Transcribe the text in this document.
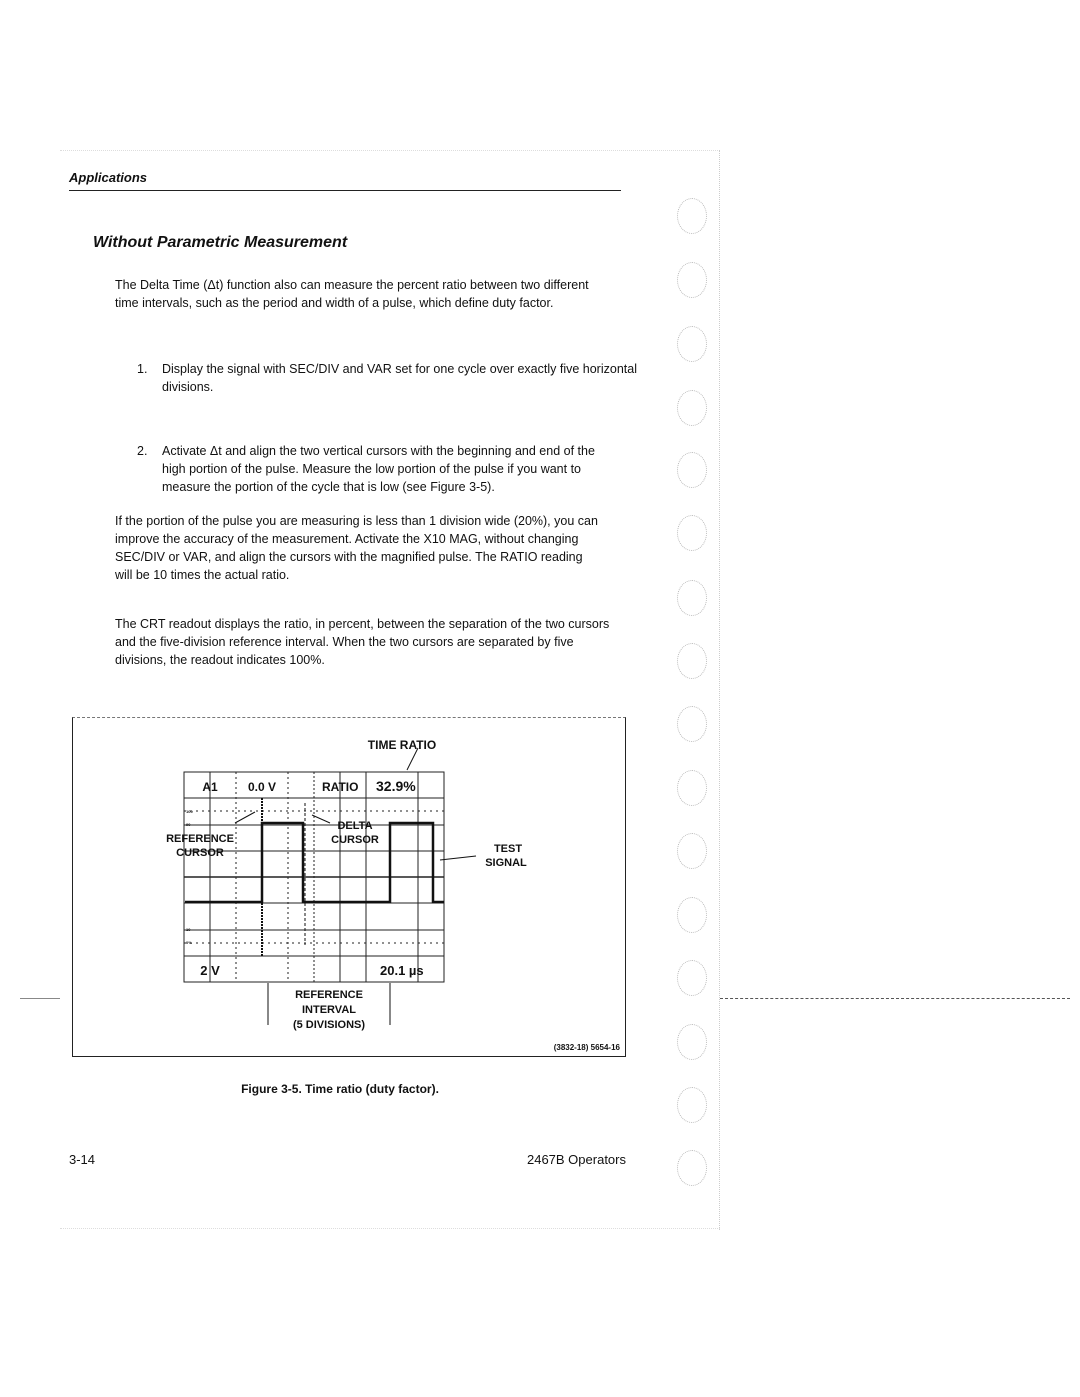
Applications
Without Parametric Measurement
The Delta Time (Δt) function also can measure the percent ratio between two different time intervals, such as the period and width of a pulse, which define duty factor.
1. Display the signal with SEC/DIV and VAR set for one cycle over exactly five horizontal divisions.
2. Activate Δt and align the two vertical cursors with the beginning and end of the high portion of the pulse. Measure the low portion of the pulse if you want to measure the portion of the cycle that is low (see Figure 3-5).
If the portion of the pulse you are measuring is less than 1 division wide (20%), you can improve the accuracy of the measurement. Activate the X10 MAG, without changing SEC/DIV or VAR, and align the cursors with the magnified pulse. The RATIO reading will be 10 times the actual ratio.
The CRT readout displays the ratio, in percent, between the separation of the two cursors and the five-division reference interval. When the two cursors are separated by five divisions, the readout indicates 100%.
TIME RATIO
A1	0.0 V	RATIO 32.9%
2 V	20.1 µs
REFERENCE
CURSOR
DELTA
CURSOR
TEST
SIGNAL
REFERENCE
INTERVAL
(5 DIVISIONS)
100
90
10
0%
(3832-18) 5654-16
Figure 3-5. Time ratio (duty factor).
3-14	2467B Operators
